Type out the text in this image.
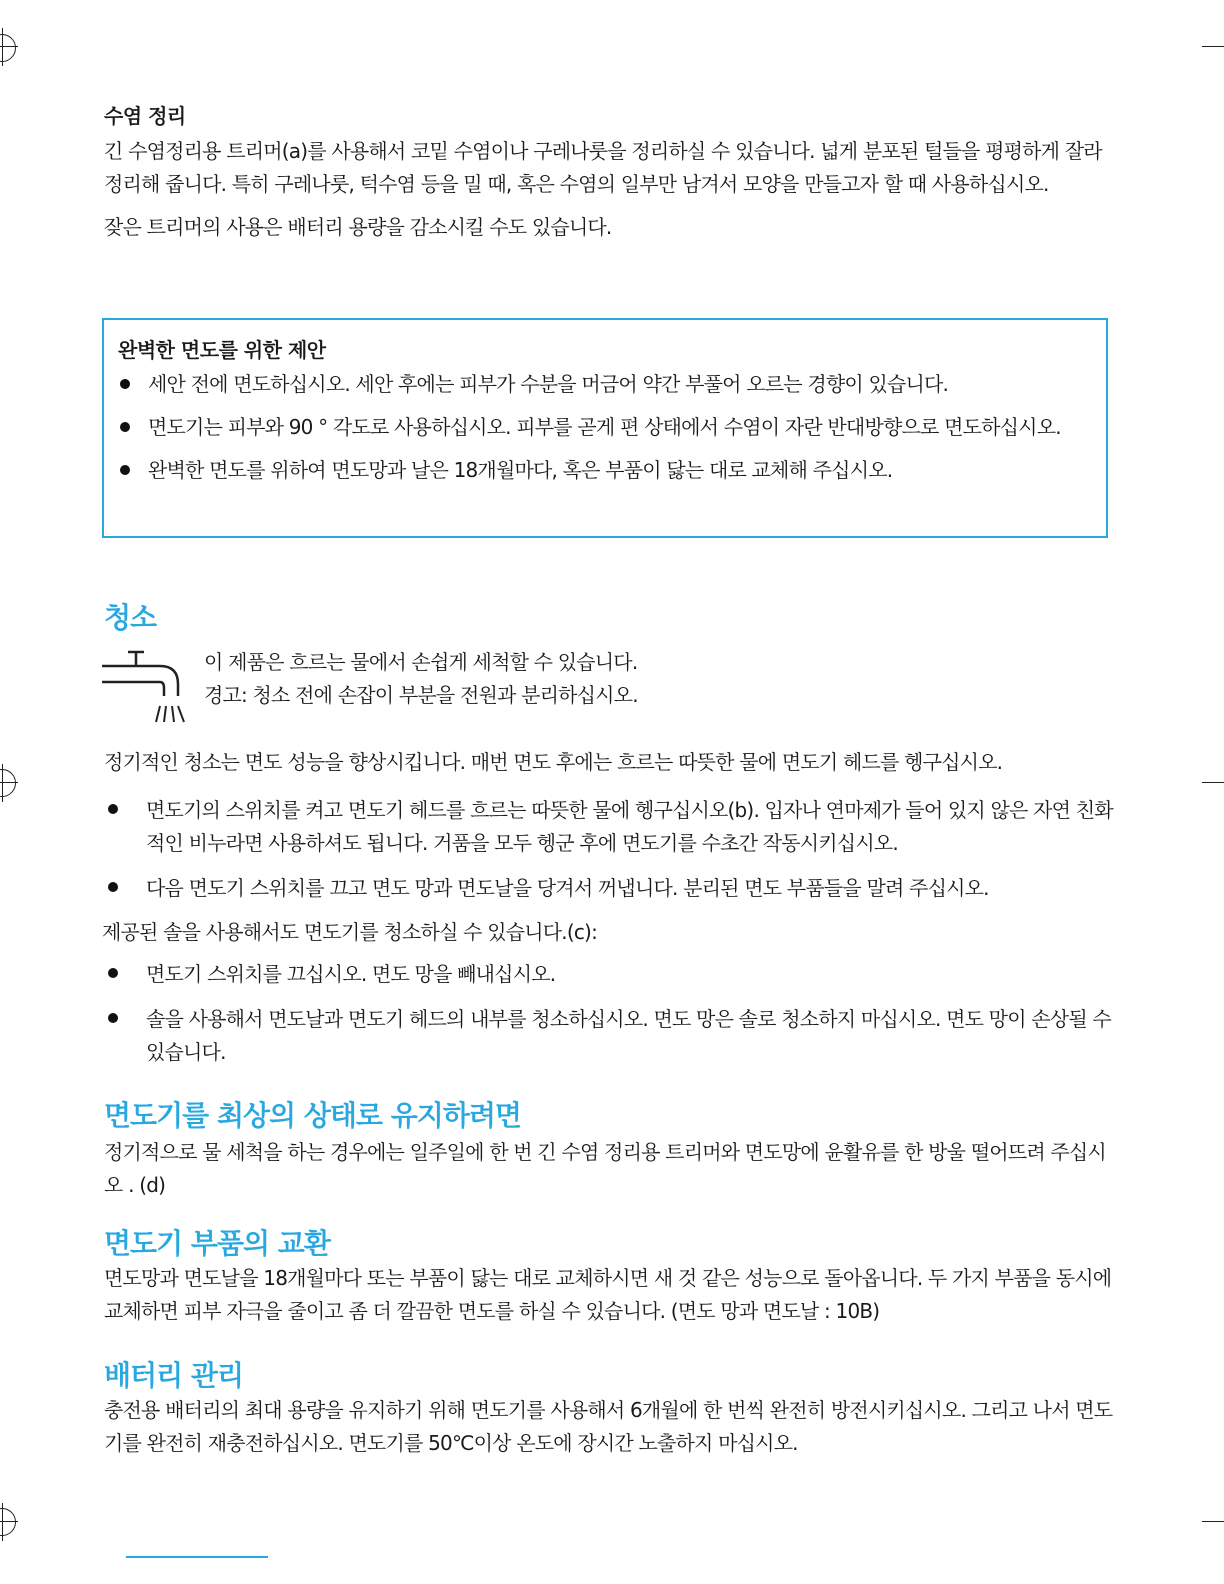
수염 정리

긴 수염정리용 트리머(a)를 사용해서 코밑 수염이나 구레나룻을 정리하실 수 있습니다. 넓게 분포된 털들을 평평하게 잘라 정리해 줍니다. 특히 구레나룻, 턱수염 등을 밀 때, 혹은 수염의 일부만 남겨서 모양을 만들고자 할 때 사용하십시오.

잦은 트리머의 사용은 배터리 용량을 감소시킬 수도 있습니다.

완벽한 면도를 위한 제안
세안 전에 면도하십시오. 세안 후에는 피부가 수분을 머금어 약간 부풀어 오르는 경향이 있습니다.
면도기는 피부와 90 ° 각도로 사용하십시오. 피부를 곧게 편 상태에서 수염이 자란 반대방향으로 면도하십시오.
완벽한 면도를 위하여 면도망과 날은 18개월마다, 혹은 부품이 닳는 대로 교체해 주십시오.
청소
이 제품은 흐르는 물에서 손쉽게 세척할 수 있습니다.
경고: 청소 전에 손잡이 부분을 전원과 분리하십시오.

정기적인 청소는 면도 성능을 향상시킵니다. 매번 면도 후에는 흐르는 따뜻한 물에 면도기 헤드를 헹구십시오.

면도기의 스위치를 켜고 면도기 헤드를 흐르는 따뜻한 물에 헹구십시오(b). 입자나 연마제가 들어 있지 않은 자연 친화적인 비누라면 사용하셔도 됩니다. 거품을 모두 헹군 후에 면도기를 수초간 작동시키십시오.
다음 면도기 스위치를 끄고 면도 망과 면도날을 당겨서 꺼냅니다. 분리된 면도 부품들을 말려 주십시오.

제공된 솔을 사용해서도 면도기를 청소하실 수 있습니다.(c):

면도기 스위치를 끄십시오. 면도 망을 빼내십시오.
솔을 사용해서 면도날과 면도기 헤드의 내부를 청소하십시오. 면도 망은 솔로 청소하지 마십시오. 면도 망이 손상될 수 있습니다.
면도기를 최상의 상태로 유지하려면

정기적으로 물 세척을 하는 경우에는 일주일에 한 번 긴 수염 정리용 트리머와 면도망에 윤활유를 한 방울 떨어뜨려 주십시오 . (d)

면도기 부품의 교환

면도망과 면도날을 18개월마다 또는 부품이 닳는 대로 교체하시면 새 것 같은 성능으로 돌아옵니다. 두 가지 부품을 동시에 교체하면 피부 자극을 줄이고 좀 더 깔끔한 면도를 하실 수 있습니다. (면도 망과 면도날 : 10B)

배터리 관리

충전용 배터리의 최대 용량을 유지하기 위해 면도기를 사용해서 6개월에 한 번씩 완전히 방전시키십시오. 그리고 나서 면도기를 완전히 재충전하십시오. 면도기를 50℃이상 온도에 장시간 노출하지 마십시오.
